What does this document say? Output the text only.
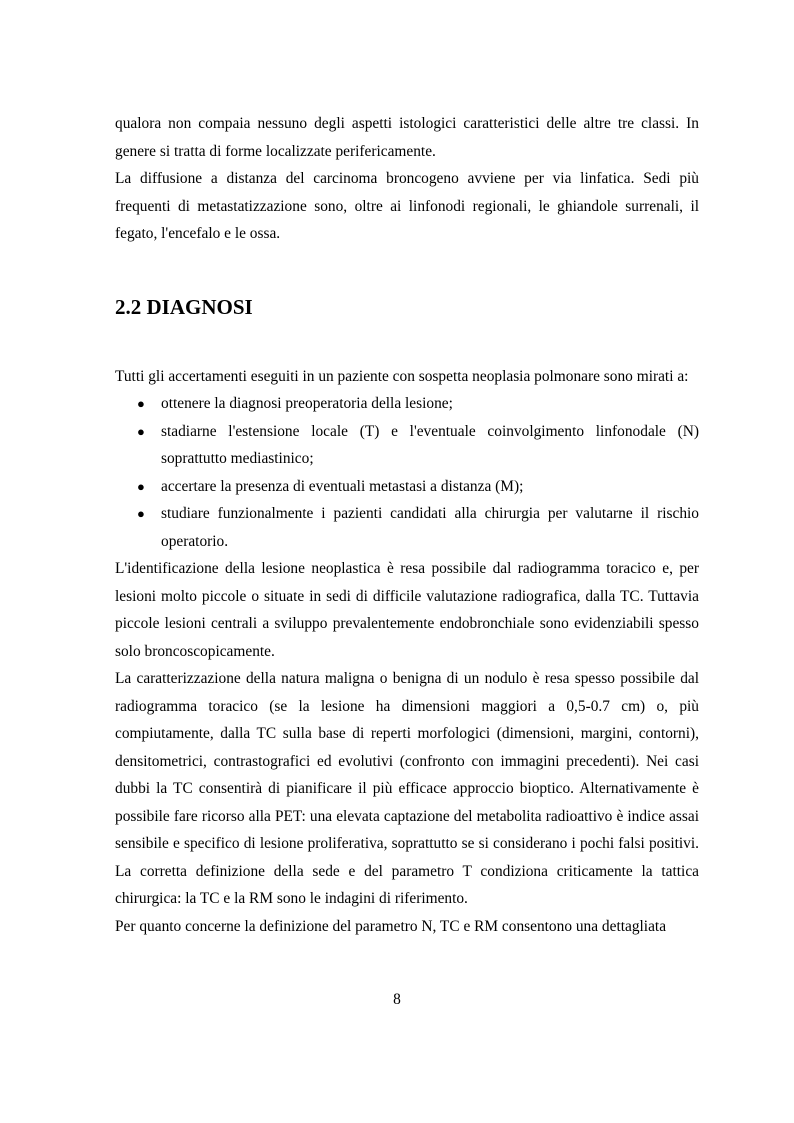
qualora non compaia nessuno degli aspetti istologici caratteristici delle altre tre classi. In genere si tratta di forme localizzate perifericamente.

La diffusione a distanza del carcinoma broncogeno avviene per via linfatica. Sedi più frequenti di metastatizzazione sono, oltre ai linfonodi regionali, le ghiandole surrenali, il fegato, l'encefalo e le ossa.

2.2 DIAGNOSI

Tutti gli accertamenti eseguiti in un paziente con sospetta neoplasia polmonare sono mirati a:

● ottenere la diagnosi preoperatoria della lesione;
● stadiarne l'estensione locale (T) e l'eventuale coinvolgimento linfonodale (N) soprattutto mediastinico;
● accertare la presenza di eventuali metastasi a distanza (M);
● studiare funzionalmente i pazienti candidati alla chirurgia per valutarne il rischio operatorio.

L'identificazione della lesione neoplastica è resa possibile dal radiogramma toracico e, per lesioni molto piccole o situate in sedi di difficile valutazione radiografica, dalla TC. Tuttavia piccole lesioni centrali a sviluppo prevalentemente endobronchiale sono evidenziabili spesso solo broncoscopicamente.

La caratterizzazione della natura maligna o benigna di un nodulo è resa spesso possibile dal radiogramma toracico (se la lesione ha dimensioni maggiori a 0,5-0.7 cm) o, più compiutamente, dalla TC sulla base di reperti morfologici (dimensioni, margini, contorni), densitometrici, contrastografici ed evolutivi (confronto con immagini precedenti). Nei casi dubbi la TC consentirà di pianificare il più efficace approccio bioptico. Alternativamente è possibile fare ricorso alla PET: una elevata captazione del metabolita radioattivo è indice assai sensibile e specifico di lesione proliferativa, soprattutto se si considerano i pochi falsi positivi. La corretta definizione della sede e del parametro T condiziona criticamente la tattica chirurgica: la TC e la RM sono le indagini di riferimento.

Per quanto concerne la definizione del parametro N, TC e RM consentono una dettagliata

8
